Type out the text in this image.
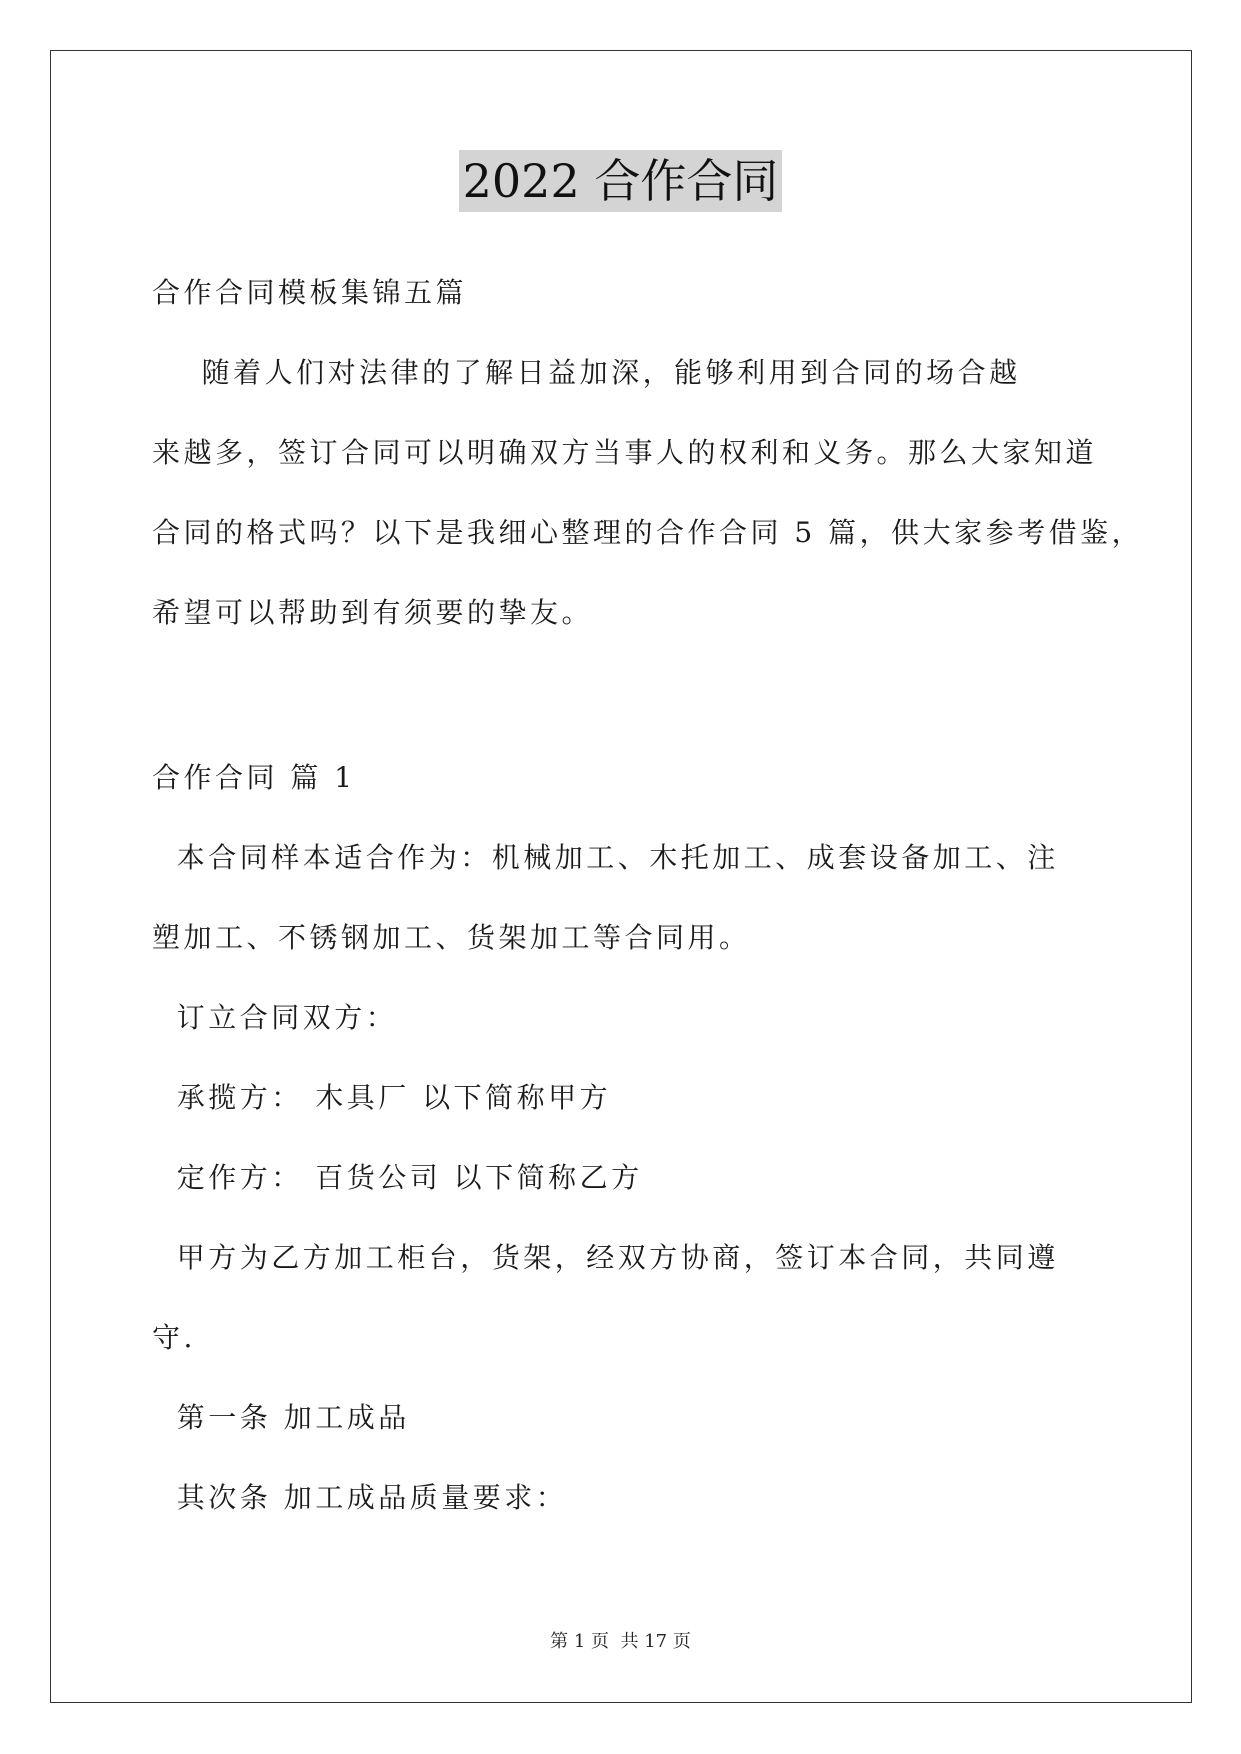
2022 合作合同
合作合同模板集锦五篇
随着人们对法律的了解日益加深，能够利用到合同的场合越
来越多，签订合同可以明确双方当事人的权利和义务。那么大家知道
合同的格式吗？以下是我细心整理的合作合同 5 篇，供大家参考借鉴，
希望可以帮助到有须要的挚友。
合作合同 篇 1
本合同样本适合作为：机械加工、木托加工、成套设备加工、注
塑加工、不锈钢加工、货架加工等合同用。
订立合同双方：
承揽方： 木具厂 以下简称甲方
定作方： 百货公司 以下简称乙方
甲方为乙方加工柜台，货架，经双方协商，签订本合同，共同遵
守.
第一条 加工成品
其次条 加工成品质量要求：
第 1 页  共 17 页
